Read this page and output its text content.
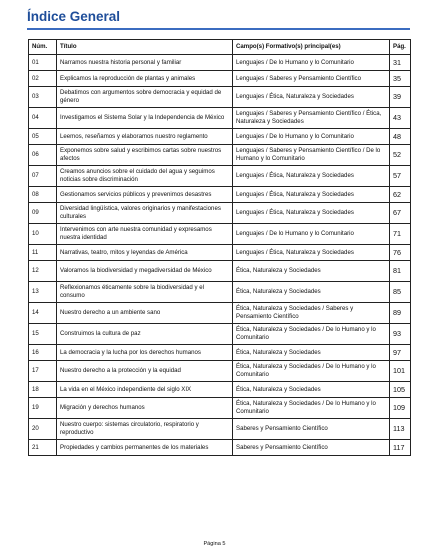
Índice General
Núm.	Título	Campo(s) Formativo(s) principal(es)	Pág.
01	Narramos nuestra historia personal y familiar	Lenguajes / De lo Humano y lo Comunitario	31
02	Explicamos la reproducción de plantas y animales	Lenguajes / Saberes y Pensamiento Científico	35
03	Debatimos con argumentos sobre democracia y equidad de género	Lenguajes / Ética, Naturaleza y Sociedades	39
04	Investigamos el Sistema Solar y la Independencia de México	Lenguajes / Saberes y Pensamiento Científico / Ética, Naturaleza y Sociedades	43
05	Leemos, reseñamos y elaboramos nuestro reglamento	Lenguajes / De lo Humano y lo Comunitario	48
06	Exponemos sobre salud y escribimos cartas sobre nuestros afectos	Lenguajes / Saberes y Pensamiento Científico / De lo Humano y lo Comunitario	52
07	Creamos anuncios sobre el cuidado del agua y seguimos noticias sobre discriminación	Lenguajes / Ética, Naturaleza y Sociedades	57
08	Gestionamos servicios públicos y prevenimos desastres	Lenguajes / Ética, Naturaleza y Sociedades	62
09	Diversidad lingüística, valores originarios y manifestaciones culturales	Lenguajes / Ética, Naturaleza y Sociedades	67
10	Intervenimos con arte nuestra comunidad y expresamos nuestra identidad	Lenguajes / De lo Humano y lo Comunitario	71
11	Narrativas, teatro, mitos y leyendas de América	Lenguajes / Ética, Naturaleza y Sociedades	76
12	Valoramos la biodiversidad y megadiversidad de México	Ética, Naturaleza y Sociedades	81
13	Reflexionamos éticamente sobre la biodiversidad y el consumo	Ética, Naturaleza y Sociedades	85
14	Nuestro derecho a un ambiente sano	Ética, Naturaleza y Sociedades / Saberes y Pensamiento Científico	89
15	Construimos la cultura de paz	Ética, Naturaleza y Sociedades / De lo Humano y lo Comunitario	93
16	La democracia y la lucha por los derechos humanos	Ética, Naturaleza y Sociedades	97
17	Nuestro derecho a la protección y la equidad	Ética, Naturaleza y Sociedades / De lo Humano y lo Comunitario	101
18	La vida en el México independiente del siglo XIX	Ética, Naturaleza y Sociedades	105
19	Migración y derechos humanos	Ética, Naturaleza y Sociedades / De lo Humano y lo Comunitario	109
20	Nuestro cuerpo: sistemas circulatorio, respiratorio y reproductivo	Saberes y Pensamiento Científico	113
21	Propiedades y cambios permanentes de los materiales	Saberes y Pensamiento Científico	117
Página 5
